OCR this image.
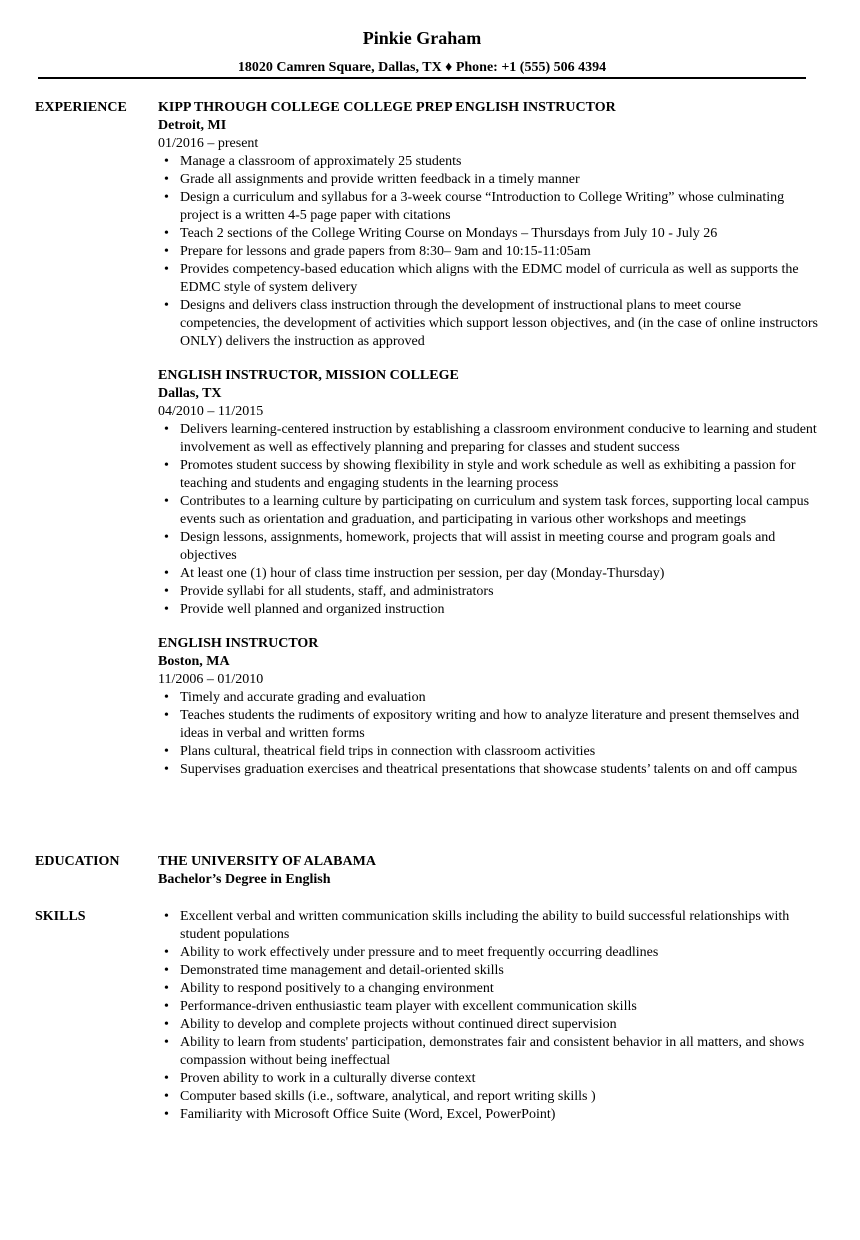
Pinkie Graham
18020 Camren Square, Dallas, TX ♦ Phone: +1 (555) 506 4394
EXPERIENCE	KIPP THROUGH COLLEGE COLLEGE PREP ENGLISH INSTRUCTOR
Detroit, MI
01/2016 – present
• Manage a classroom of approximately 25 students
• Grade all assignments and provide written feedback in a timely manner
• Design a curriculum and syllabus for a 3-week course “Introduction to College Writing” whose culminating project is a written 4-5 page paper with citations
• Teach 2 sections of the College Writing Course on Mondays – Thursdays from July 10 - July 26
• Prepare for lessons and grade papers from 8:30– 9am and 10:15-11:05am
• Provides competency-based education which aligns with the EDMC model of curricula as well as supports the EDMC style of system delivery
• Designs and delivers class instruction through the development of instructional plans to meet course competencies, the development of activities which support lesson objectives, and (in the case of online instructors ONLY) delivers the instruction as approved
ENGLISH INSTRUCTOR, MISSION COLLEGE
Dallas, TX
04/2010 – 11/2015
• Delivers learning-centered instruction by establishing a classroom environment conducive to learning and student involvement as well as effectively planning and preparing for classes and student success
• Promotes student success by showing flexibility in style and work schedule as well as exhibiting a passion for teaching and students and engaging students in the learning process
• Contributes to a learning culture by participating on curriculum and system task forces, supporting local campus events such as orientation and graduation, and participating in various other workshops and meetings
• Design lessons, assignments, homework, projects that will assist in meeting course and program goals and objectives
• At least one (1) hour of class time instruction per session, per day (Monday-Thursday)
• Provide syllabi for all students, staff, and administrators
• Provide well planned and organized instruction
ENGLISH INSTRUCTOR
Boston, MA
11/2006 – 01/2010
• Timely and accurate grading and evaluation
• Teaches students the rudiments of expository writing and how to analyze literature and present themselves and ideas in verbal and written forms
• Plans cultural, theatrical field trips in connection with classroom activities
• Supervises graduation exercises and theatrical presentations that showcase students’ talents on and off campus
EDUCATION	THE UNIVERSITY OF ALABAMA
Bachelor’s Degree in English
SKILLS
•	Excellent verbal and written communication skills including the ability to build successful relationships with student populations
• Ability to work effectively under pressure and to meet frequently occurring deadlines
• Demonstrated time management and detail-oriented skills
• Ability to respond positively to a changing environment
• Performance-driven enthusiastic team player with excellent communication skills
• Ability to develop and complete projects without continued direct supervision
• Ability to learn from students' participation, demonstrates fair and consistent behavior in all matters, and shows compassion without being ineffectual
• Proven ability to work in a culturally diverse context
• Computer based skills (i.e., software, analytical, and report writing skills )
• Familiarity with Microsoft Office Suite (Word, Excel, PowerPoint)
